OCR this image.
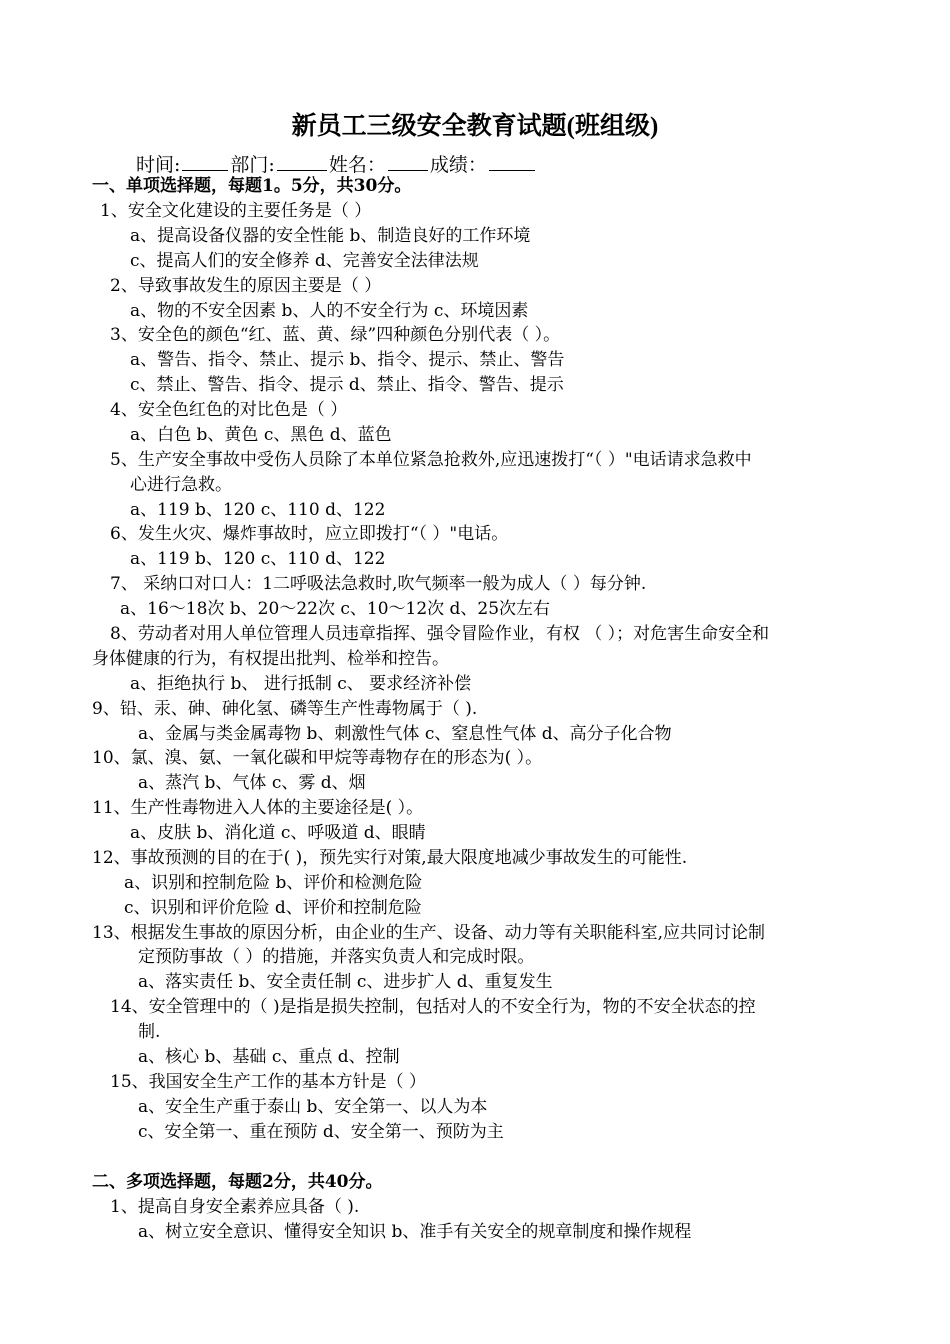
新员工三级安全教育试题(班组级)
时间:	部门:	姓名： 成绩：
一、单项选择题，每题1。5分，共30分。
1、安全文化建设的主要任务是（ ）
a、提高设备仪器的安全性能 b、制造良好的工作环境
c、提高人们的安全修养 d、完善安全法律法规
2、导致事故发生的原因主要是（ ）
a、物的不安全因素 b、人的不安全行为 c、环境因素
3、安全色的颜色“红、蓝、黄、绿”四种颜色分别代表（ ）。
a、警告、指令、禁止、提示 b、指令、提示、禁止、警告
c、禁止、警告、指令、提示 d、禁止、指令、警告、提示
4、安全色红色的对比色是（ ）
a、白色 b、黄色 c、黑色 d、蓝色
5、生产安全事故中受伤人员除了本单位紧急抢救外,应迅速拨打“（ ）"电话请求急救中
心进行急救。
a、119 b、120 c、110 d、122
6、发生火灾、爆炸事故时，应立即拨打“（ ）"电话。
a、119 b、120 c、110 d、122
7、 采纳口对口人：1二呼吸法急救时,吹气频率一般为成人（ ）每分钟.
a、16～18次 b、20～22次 c、10～12次 d、25次左右
8、劳动者对用人单位管理人员违章指挥、强令冒险作业，有权 （ ）；对危害生命安全和
身体健康的行为，有权提出批判、检举和控告。
a、拒绝执行 b、 进行抵制 c、 要求经济补偿
9、铅、汞、砷、砷化氢、磷等生产性毒物属于（ ).
a、金属与类金属毒物 b、刺激性气体 c、窒息性气体 d、高分子化合物
10、氯、溴、氨、一氧化碳和甲烷等毒物存在的形态为( ）。
a、蒸汽 b、气体 c、雾 d、烟
11、生产性毒物进入人体的主要途径是( ）。
a、皮肤 b、消化道 c、呼吸道 d、眼睛
12、事故预测的目的在于( )，预先实行对策,最大限度地减少事故发生的可能性.
a、识别和控制危险 b、评价和检测危险
c、识别和评价危险 d、评价和控制危险
13、根据发生事故的原因分析，由企业的生产、设备、动力等有关职能科室,应共同讨论制
定预防事故（ ）的措施，并落实负责人和完成时限。
a、落实责任 b、安全责任制 c、进步扩人 d、重复发生
14、安全管理中的（ )是指是损失控制，包括对人的不安全行为，物的不安全状态的控
制.
a、核心 b、基础 c、重点 d、控制
15、我国安全生产工作的基本方针是（ ）
a、安全生产重于泰山 b、安全第一、以人为本
c、安全第一、重在预防 d、安全第一、预防为主
二、多项选择题，每题2分，共40分。
1、提高自身安全素养应具备（ ).
a、树立安全意识、懂得安全知识 b、准手有关安全的规章制度和操作规程
